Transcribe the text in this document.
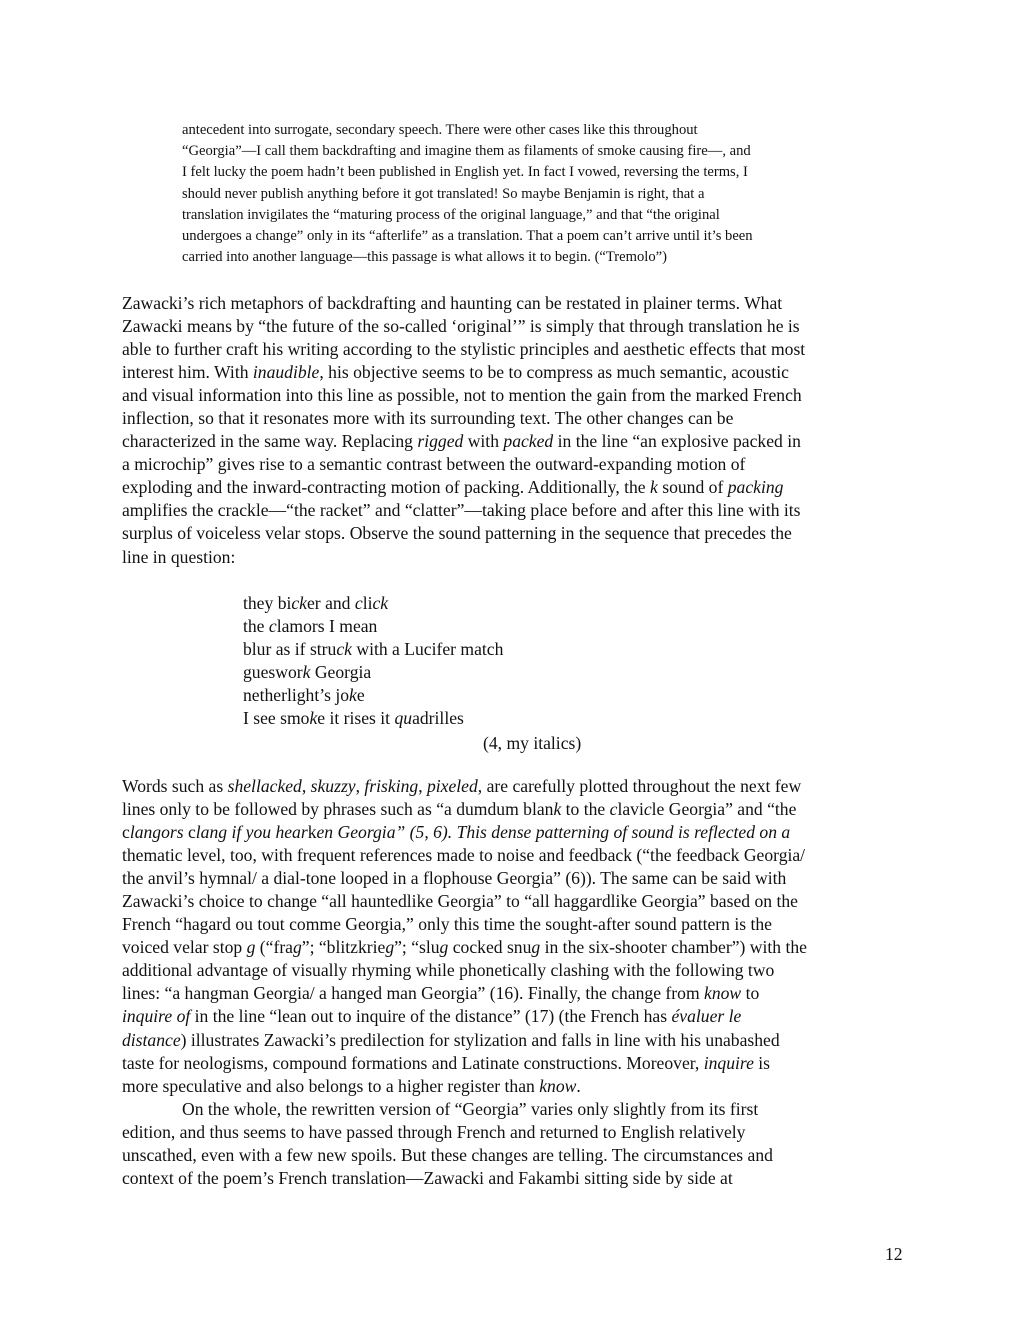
antecedent into surrogate, secondary speech. There were other cases like this throughout
“Georgia”—I call them backdrafting and imagine them as filaments of smoke causing fire—, and
I felt lucky the poem hadn’t been published in English yet. In fact I vowed, reversing the terms, I
should never publish anything before it got translated! So maybe Benjamin is right, that a
translation invigilates the “maturing process of the original language,” and that “the original
undergoes a change” only in its “afterlife” as a translation. That a poem can’t arrive until it’s been
carried into another language—this passage is what allows it to begin. (“Tremolo”)
Zawacki’s rich metaphors of backdrafting and haunting can be restated in plainer terms. What
Zawacki means by “the future of the so-called ‘original’” is simply that through translation he is
able to further craft his writing according to the stylistic principles and aesthetic effects that most
interest him. With inaudible, his objective seems to be to compress as much semantic, acoustic
and visual information into this line as possible, not to mention the gain from the marked French
inflection, so that it resonates more with its surrounding text. The other changes can be
characterized in the same way. Replacing rigged with packed in the line “an explosive packed in
a microchip” gives rise to a semantic contrast between the outward-expanding motion of
exploding and the inward-contracting motion of packing. Additionally, the k sound of packing
amplifies the crackle—“the racket” and “clatter”—taking place before and after this line with its
surplus of voiceless velar stops. Observe the sound patterning in the sequence that precedes the
line in question:
they bicker and click
the clamors I mean
blur as if struck with a Lucifer match
gueswork Georgia
netherlight’s joke
I see smoke it rises it quadrilles
(4, my italics)
Words such as shellacked, skuzzy, frisking, pixeled, are carefully plotted throughout the next few
lines only to be followed by phrases such as “a dumdum blank to the clavicle Georgia” and “the
clangors clang if you hearken Georgia” (5, 6). This dense patterning of sound is reflected on a
thematic level, too, with frequent references made to noise and feedback (“the feedback Georgia/
the anvil’s hymnal/ a dial-tone looped in a flophouse Georgia” (6)). The same can be said with
Zawacki’s choice to change “all hauntedlike Georgia” to “all haggardlike Georgia” based on the
French “hagard ou tout comme Georgia,” only this time the sought-after sound pattern is the
voiced velar stop g (“frag”; “blitzkrieg”; “slug cocked snug in the six-shooter chamber”) with the
additional advantage of visually rhyming while phonetically clashing with the following two
lines: “a hangman Georgia/ a hanged man Georgia” (16). Finally, the change from know to
inquire of in the line “lean out to inquire of the distance” (17) (the French has évaluer le
distance) illustrates Zawacki’s predilection for stylization and falls in line with his unabashed
taste for neologisms, compound formations and Latinate constructions. Moreover, inquire is
more speculative and also belongs to a higher register than know.
On the whole, the rewritten version of “Georgia” varies only slightly from its first
edition, and thus seems to have passed through French and returned to English relatively
unscathed, even with a few new spoils. But these changes are telling. The circumstances and
context of the poem’s French translation—Zawacki and Fakambi sitting side by side at
12
